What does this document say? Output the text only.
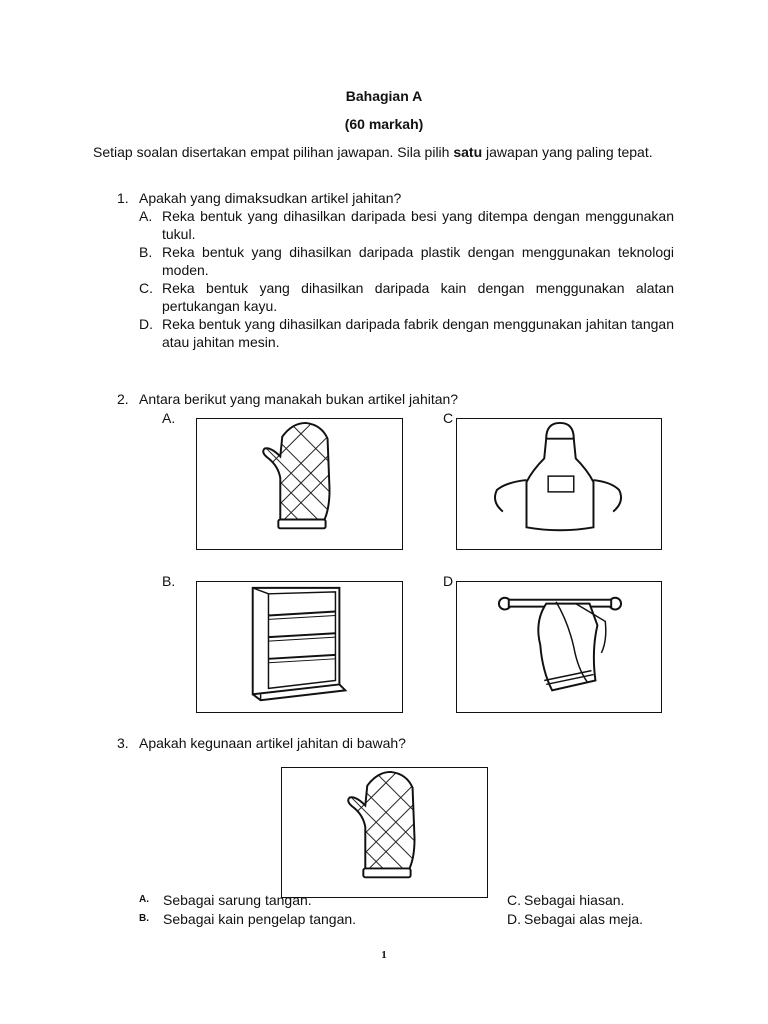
Bahagian A
(60 markah)
Setiap soalan disertakan empat pilihan jawapan. Sila pilih satu jawapan yang paling tepat.
1. Apakah yang dimaksudkan artikel jahitan?
A. Reka bentuk yang dihasilkan daripada besi yang ditempa dengan menggunakan tukul.
B. Reka bentuk yang dihasilkan daripada plastik dengan menggunakan teknologi moden.
C. Reka bentuk yang dihasilkan daripada kain dengan menggunakan alatan pertukangan kayu.
D. Reka bentuk yang dihasilkan daripada fabrik dengan menggunakan jahitan tangan atau jahitan mesin.
2. Antara berikut yang manakah bukan artikel jahitan?
A.	C
B.	D
3. Apakah kegunaan artikel jahitan di bawah?
A. Sebagai sarung tangan.	C. Sebagai hiasan.
B. Sebagai kain pengelap tangan.	D. Sebagai alas meja.
1
